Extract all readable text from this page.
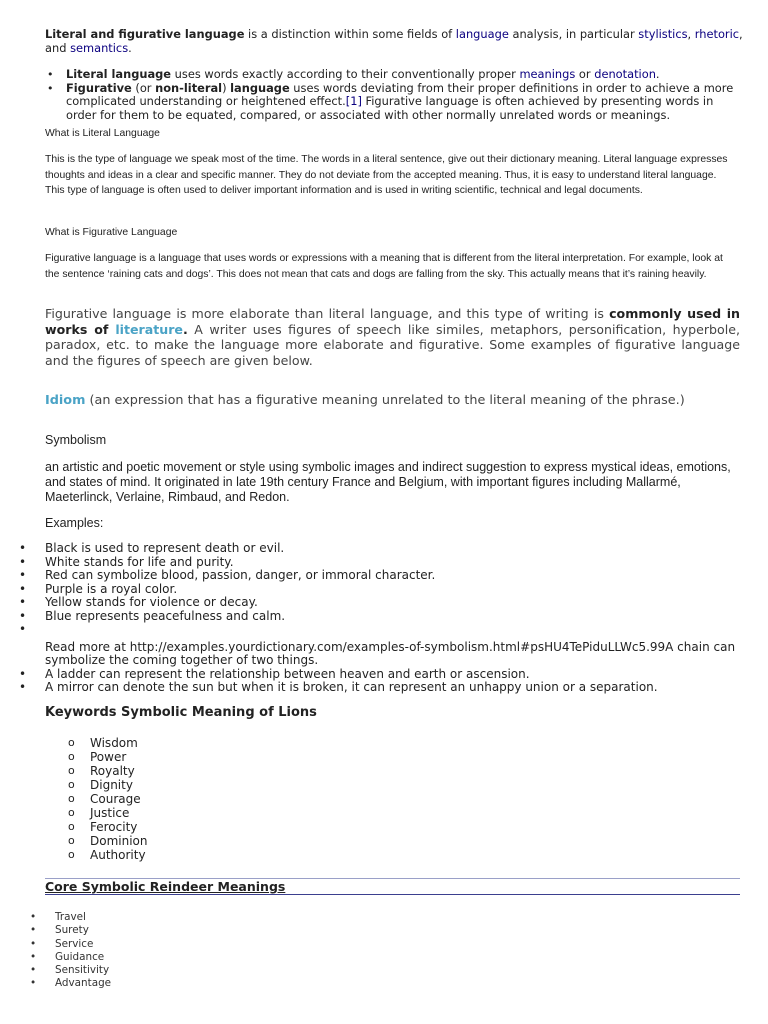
Literal and figurative language is a distinction within some fields of language analysis, in particular stylistics, rhetoric, and semantics.
• Literal language uses words exactly according to their conventionally proper meanings or denotation.
• Figurative (or non-literal) language uses words deviating from their proper definitions in order to achieve a more complicated understanding or heightened effect.[1] Figurative language is often achieved by presenting words in order for them to be equated, compared, or associated with other normally unrelated words or meanings.
What is Literal Language
This is the type of language we speak most of the time. The words in a literal sentence, give out their dictionary meaning. Literal language expresses thoughts and ideas in a clear and specific manner. They do not deviate from the accepted meaning. Thus, it is easy to understand literal language. This type of language is often used to deliver important information and is used in writing scientific, technical and legal documents.
What is Figurative Language
Figurative language is a language that uses words or expressions with a meaning that is different from the literal interpretation. For example, look at the sentence ‘raining cats and dogs’. This does not mean that cats and dogs are falling from the sky. This actually means that it’s raining heavily.
Figurative language is more elaborate than literal language, and this type of writing is commonly used in works of literature. A writer uses figures of speech like similes, metaphors, personification, hyperbole, paradox, etc. to make the language more elaborate and figurative. Some examples of figurative language and the figures of speech are given below.
Idiom (an expression that has a figurative meaning unrelated to the literal meaning of the phrase.)
Symbolism
an artistic and poetic movement or style using symbolic images and indirect suggestion to express mystical ideas, emotions, and states of mind. It originated in late 19th century France and Belgium, with important figures including Mallarmé, Maeterlinck, Verlaine, Rimbaud, and Redon.
Examples:
• Black is used to represent death or evil.
• White stands for life and purity.
• Red can symbolize blood, passion, danger, or immoral character.
• Purple is a royal color.
• Yellow stands for violence or decay.
• Blue represents peacefulness and calm.
•
Read more at http://examples.yourdictionary.com/examples-of-symbolism.html#psHU4TePiduLLWc5.99A chain can symbolize the coming together of two things.
• A ladder can represent the relationship between heaven and earth or ascension.
• A mirror can denote the sun but when it is broken, it can represent an unhappy union or a separation.
Keywords Symbolic Meaning of Lions
o Wisdom
o Power
o Royalty
o Dignity
o Courage
o Justice
o Ferocity
o Dominion
o Authority
Core Symbolic Reindeer Meanings
• Travel
• Surety
• Service
• Guidance
• Sensitivity
• Advantage
